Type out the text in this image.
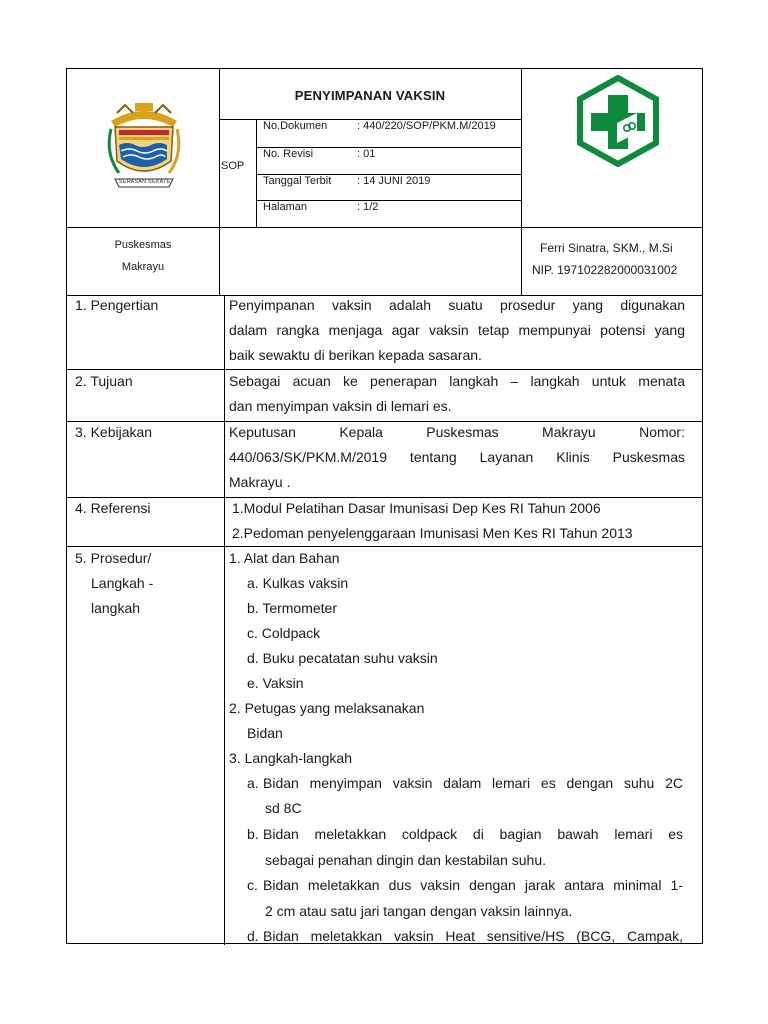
SERASAN SEKATE
PENYIMPANAN VAKSIN
SOP
No.Dokumen	: 440/220/SOP/PKM.M/2019
No. Revisi	: 01
Tanggal Terbit : 14 JUNI 2019
Halaman	: 1/2
Puskesmas
Makrayu
Ferri Sinatra, SKM., M.Si
NIP. 197102282000031002
1. Pengertian	Penyimpanan vaksin adalah suatu prosedur yang digunakan
dalam rangka menjaga agar vaksin tetap mempunyai potensi yang
baik sewaktu di berikan kepada sasaran.
2. Tujuan	Sebagai acuan ke penerapan langkah – langkah untuk menata
dan menyimpan vaksin di lemari es.
3. Kebijakan	Keputusan Kepala Puskesmas Makrayu Nomor:
440/063/SK/PKM.M/2019 tentang Layanan Klinis Puskesmas
Makrayu .
4. Referensi	1.Modul Pelatihan Dasar Imunisasi Dep Kes RI Tahun 2006
2.Pedoman penyelenggaraan Imunisasi Men Kes RI Tahun 2013
5. Prosedur/
Langkah -
langkah
1. Alat dan Bahan
a. Kulkas vaksin
b. Termometer
c. Coldpack
d. Buku pecatatan suhu vaksin
e. Vaksin
2. Petugas yang melaksanakan
Bidan
3. Langkah-langkah
a. Bidan menyimpan vaksin dalam lemari es dengan suhu 2C
sd 8C
b. Bidan meletakkan coldpack di bagian bawah lemari es
sebagai penahan dingin dan kestabilan suhu.
c. Bidan meletakkan dus vaksin dengan jarak antara minimal 1-
2 cm atau satu jari tangan dengan vaksin lainnya.
d. Bidan meletakkan vaksin Heat sensitive/HS (BCG, Campak,
